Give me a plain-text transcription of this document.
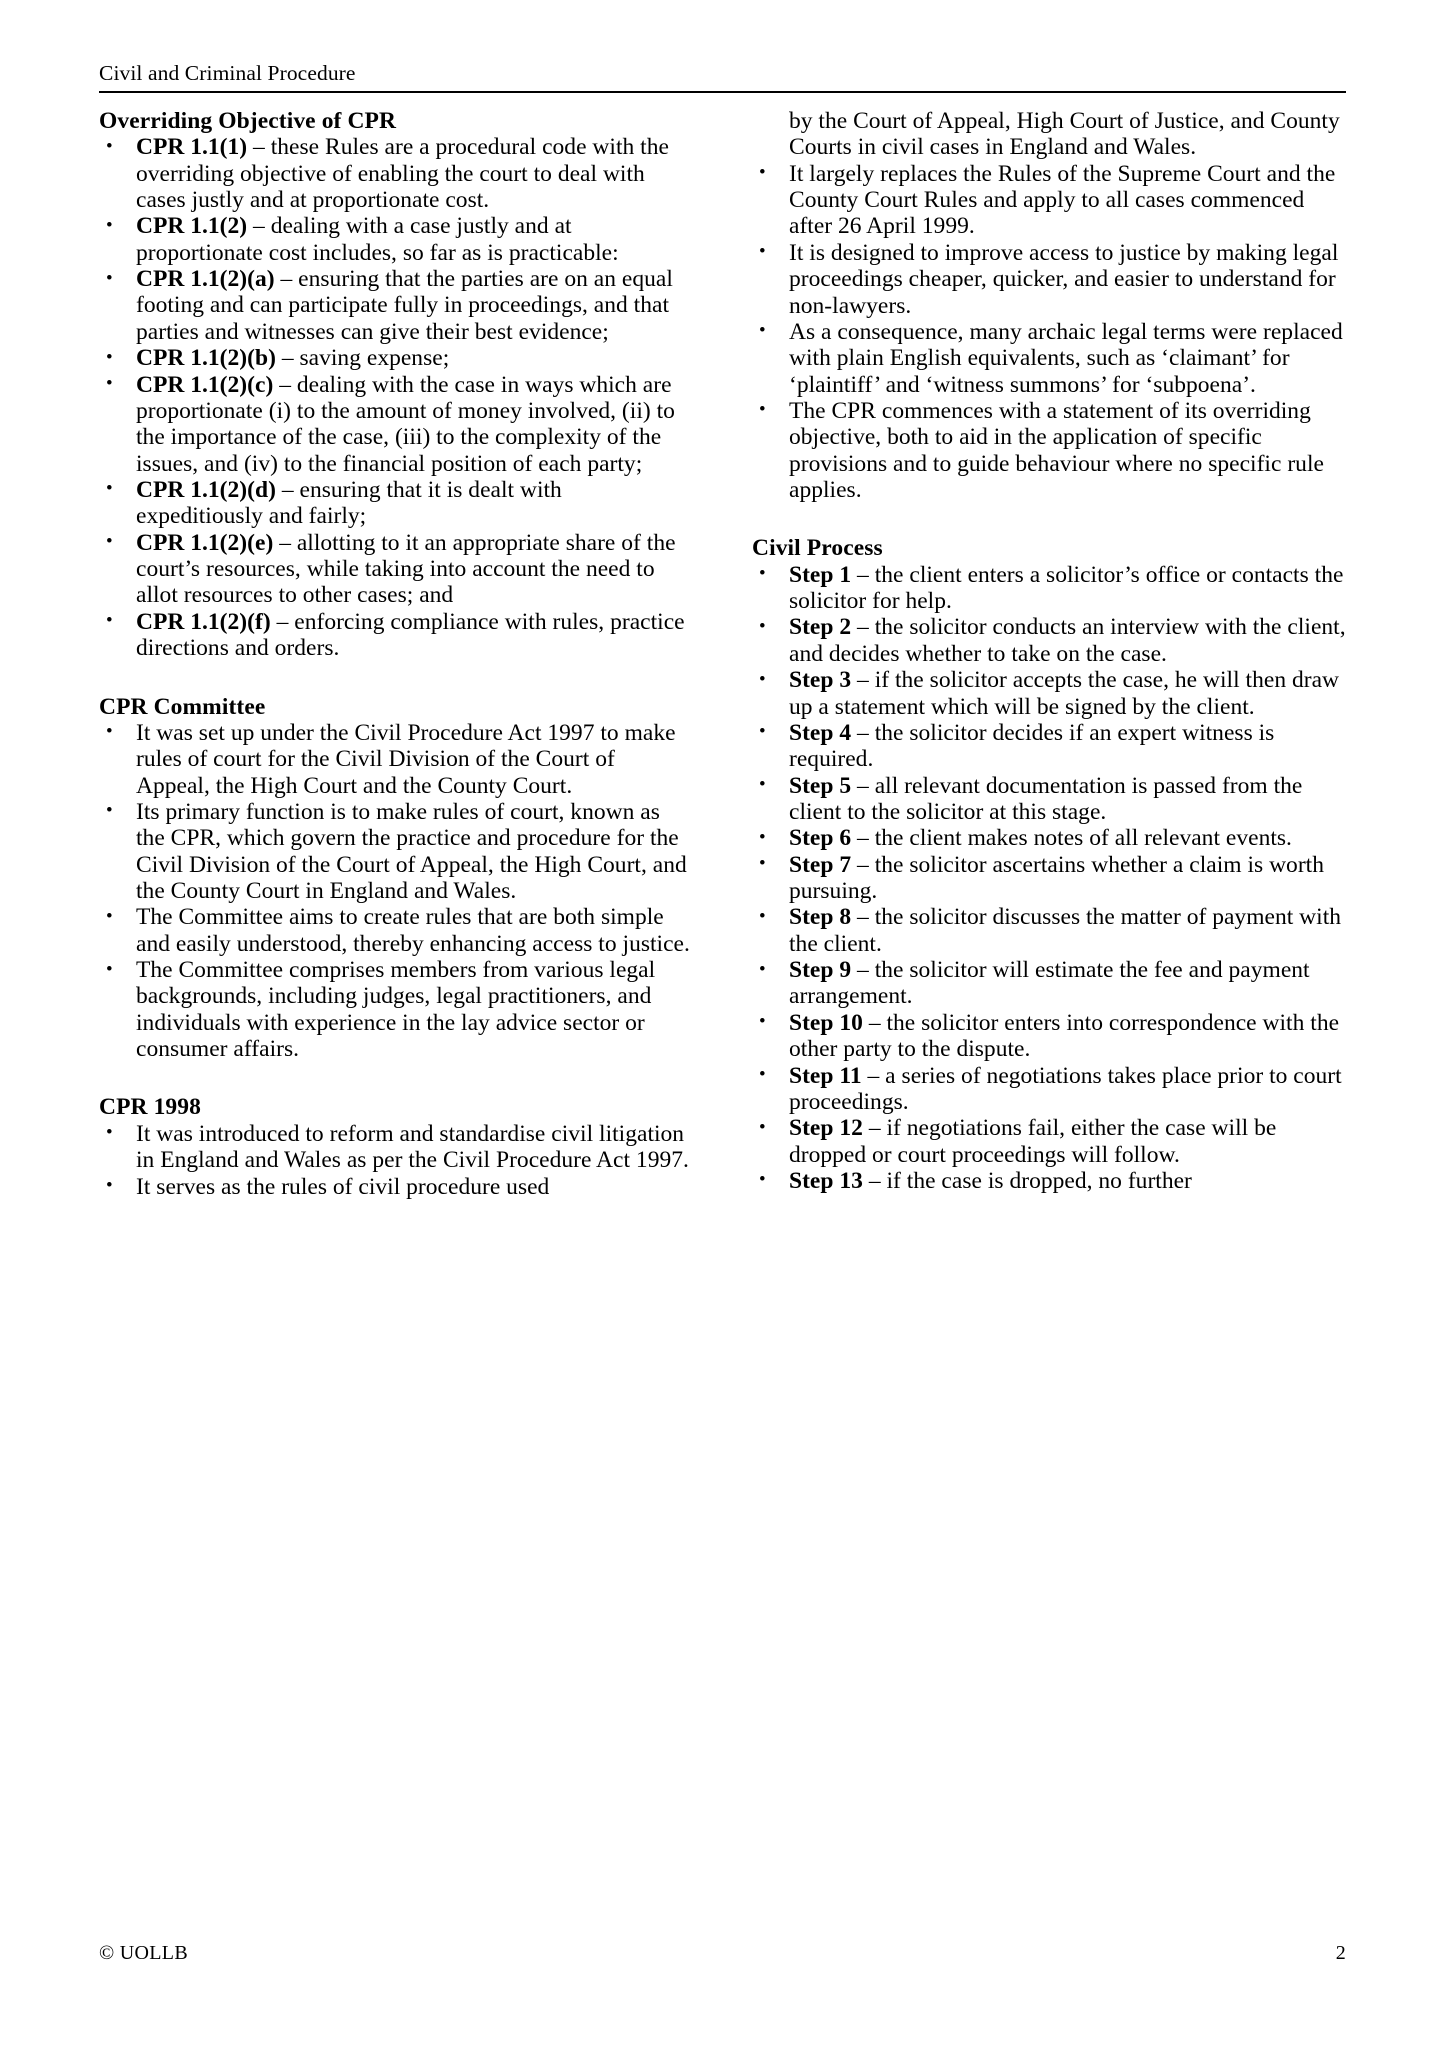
Civil and Criminal Procedure
Overriding Objective of CPR
• CPR 1.1(1) – these Rules are a procedural code with the overriding objective of enabling the court to deal with cases justly and at proportionate cost.
• CPR 1.1(2) – dealing with a case justly and at proportionate cost includes, so far as is practicable:
• CPR 1.1(2)(a) – ensuring that the parties are on an equal footing and can participate fully in proceedings, and that parties and witnesses can give their best evidence;
• CPR 1.1(2)(b) – saving expense;
• CPR 1.1(2)(c) – dealing with the case in ways which are proportionate (i) to the amount of money involved, (ii) to the importance of the case, (iii) to the complexity of the issues, and (iv) to the financial position of each party;
• CPR 1.1(2)(d) – ensuring that it is dealt with expeditiously and fairly;
• CPR 1.1(2)(e) – allotting to it an appropriate share of the court’s resources, while taking into account the need to allot resources to other cases; and
• CPR 1.1(2)(f) – enforcing compliance with rules, practice directions and orders.
CPR Committee
• It was set up under the Civil Procedure Act 1997 to make rules of court for the Civil Division of the Court of Appeal, the High Court and the County Court.
• Its primary function is to make rules of court, known as the CPR, which govern the practice and procedure for the Civil Division of the Court of Appeal, the High Court, and the County Court in England and Wales.
• The Committee aims to create rules that are both simple and easily understood, thereby enhancing access to justice.
• The Committee comprises members from various legal backgrounds, including judges, legal practitioners, and individuals with experience in the lay advice sector or consumer affairs.
CPR 1998
• It was introduced to reform and standardise civil litigation in England and Wales as per the Civil Procedure Act 1997.
• It serves as the rules of civil procedure used
by the Court of Appeal, High Court of Justice, and County Courts in civil cases in England and Wales.
• It largely replaces the Rules of the Supreme Court and the County Court Rules and apply to all cases commenced after 26 April 1999.
• It is designed to improve access to justice by making legal proceedings cheaper, quicker, and easier to understand for non-lawyers.
• As a consequence, many archaic legal terms were replaced with plain English equivalents, such as ‘claimant’ for ‘plaintiff’ and ‘witness summons’ for ‘subpoena’.
• The CPR commences with a statement of its overriding objective, both to aid in the application of specific provisions and to guide behaviour where no specific rule applies.
Civil Process
• Step 1 – the client enters a solicitor’s office or contacts the solicitor for help.
• Step 2 – the solicitor conducts an interview with the client, and decides whether to take on the case.
• Step 3 – if the solicitor accepts the case, he will then draw up a statement which will be signed by the client.
• Step 4 – the solicitor decides if an expert witness is required.
• Step 5 – all relevant documentation is passed from the client to the solicitor at this stage.
• Step 6 – the client makes notes of all relevant events.
• Step 7 – the solicitor ascertains whether a claim is worth pursuing.
• Step 8 – the solicitor discusses the matter of payment with the client.
• Step 9 – the solicitor will estimate the fee and payment arrangement.
• Step 10 – the solicitor enters into correspondence with the other party to the dispute.
• Step 11 – a series of negotiations takes place prior to court proceedings.
• Step 12 – if negotiations fail, either the case will be dropped or court proceedings will follow.
• Step 13 – if the case is dropped, no further
© UOLLB	2
